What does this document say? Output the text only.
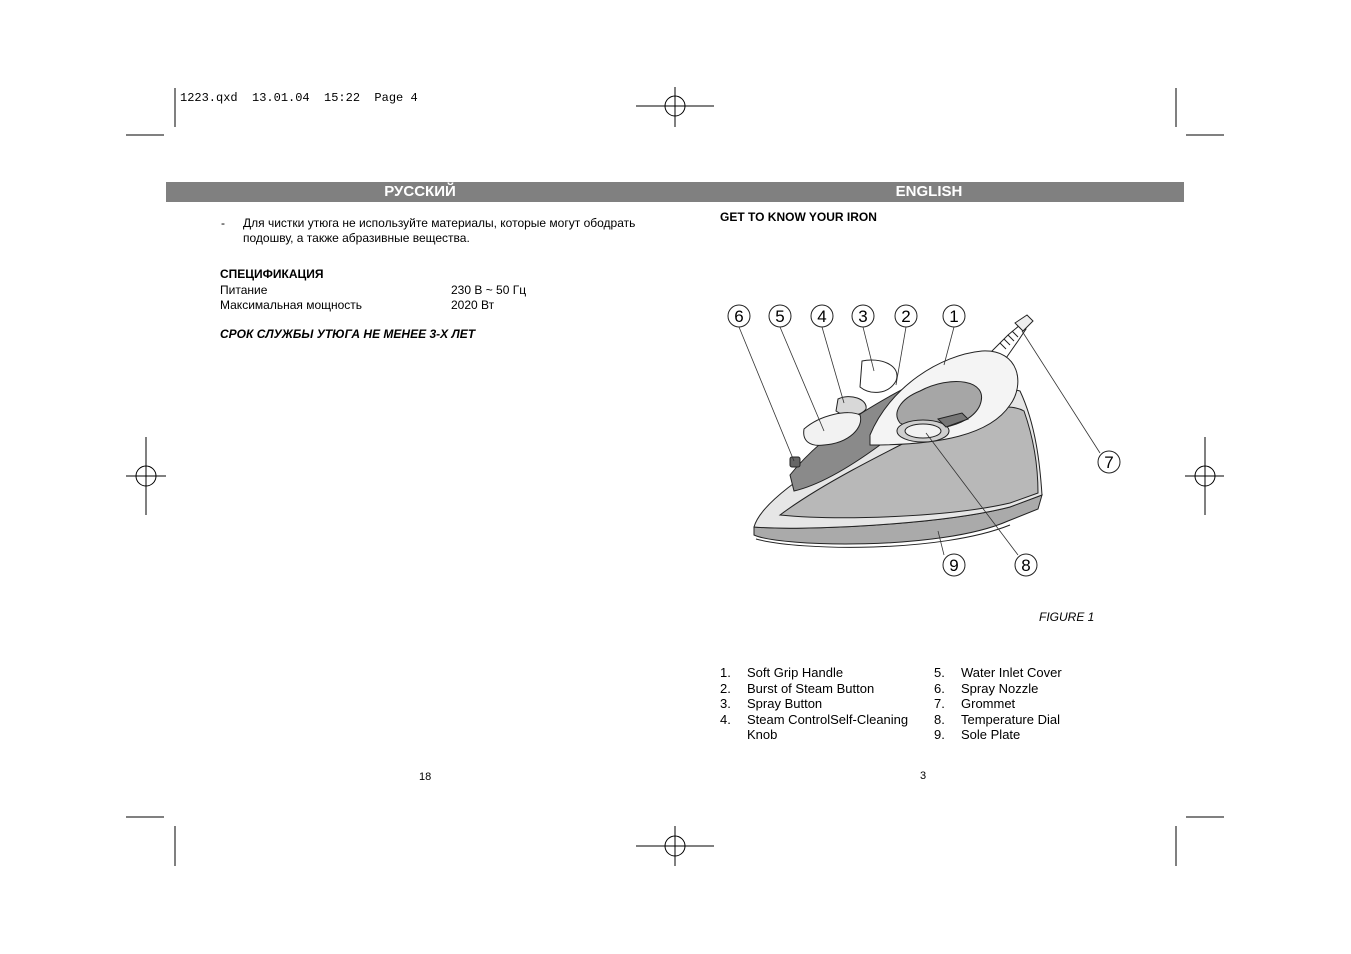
1223.qxd  13.01.04  15:22  Page 4
РУССКИЙ	ENGLISH
- Для чистки утюга не используйте материалы, которые могут ободрать
подошву, а также абразивные вещества.
СПЕЦИФИКАЦИЯ
Питание	230 В ~ 50 Гц
Максимальная мощность	2020 Вт
СРОК СЛУЖБЫ УТЮГА НЕ МЕНЕЕ 3-Х ЛЕТ
18
GET TO KNOW YOUR IRON
6 5 4 3 2 1
7
8
9
FIGURE 1
1. Soft Grip Handle
2. Burst of Steam Button
3. Spray Button
4. Steam ControlSelf-Cleaning
Knob
5. Water Inlet Cover
6. Spray Nozzle
7. Grommet
8. Temperature Dial
9. Sole Plate
3
